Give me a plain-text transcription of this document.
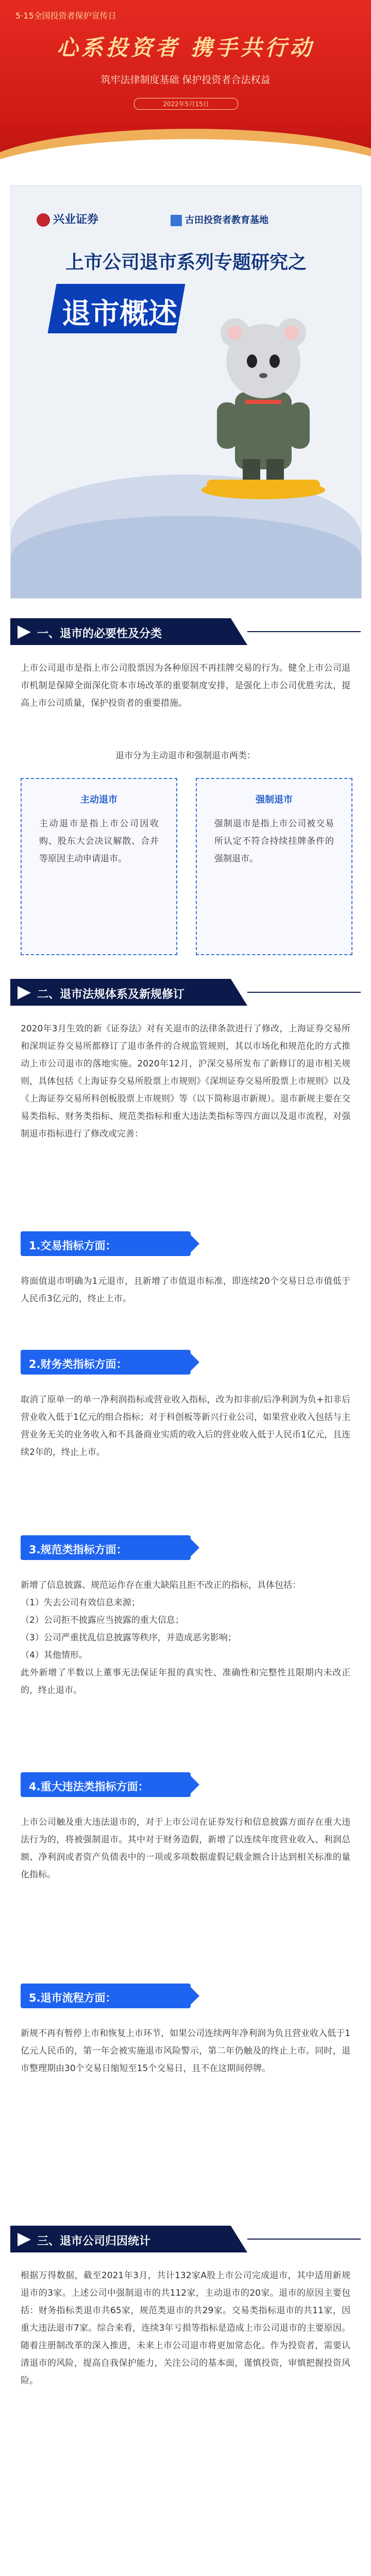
5·15全国投资者保护宣传日
心系投资者 携手共行动
筑牢法律制度基础 保护投资者合法权益
2022年5月15日
兴业证券	古田投资者教育基地
上市公司退市系列专题研究之
退市概述
一、退市的必要性及分类
上市公司退市是指上市公司股票因为各种原因不再挂牌交易的行为。健全上市公司退市机制是保障全面深化资本市场改革的重要制度安排，是强化上市公司优胜劣汰，提高上市公司质量，保护投资者的重要措施。
退市分为主动退市和强制退市两类：
主动退市
主动退市是指上市公司因收购、股东大会决议解散、合并等原因主动申请退市。
强制退市
强制退市是指上市公司被交易所认定不符合持续挂牌条件的强制退市。
二、退市法规体系及新规修订
2020年3月生效的新《证券法》对有关退市的法律条款进行了修改，上海证券交易所和深圳证券交易所都修订了退市条件的合规监管规则，其以市场化和规范化的方式推动上市公司退市的落地实施。2020年12月，沪深交易所发布了新修订的退市相关规则，具体包括《上海证券交易所股票上市规则》《深圳证券交易所股票上市规则》以及《上海证券交易所科创板股票上市规则》等（以下简称退市新规）。退市新规主要在交易类指标、财务类指标、规范类指标和重大违法类指标等四方面以及退市流程，对强制退市指标进行了修改或完善：
1.交易指标方面：
将面值退市明确为1元退市，且新增了市值退市标准，即连续20个交易日总市值低于人民币3亿元的，终止上市。
2.财务类指标方面：
取消了原单一的单一净利润指标或营业收入指标，改为扣非前/后净利润为负+扣非后营业收入低于1亿元的组合指标；对于科创板等新兴行业公司，如果营业收入包括与主营业务无关的业务收入和不具备商业实质的收入后的营业收入低于人民币1亿元，且连续2年的，终止上市。
3.规范类指标方面：
新增了信息披露、规范运作存在重大缺陷且拒不改正的指标，具体包括：
（1）失去公司有效信息来源；
（2）公司拒不披露应当披露的重大信息；
（3）公司严重扰乱信息披露等秩序，并造成恶劣影响；
（4）其他情形。
此外新增了半数以上董事无法保证年报的真实性、准确性和完整性且限期内未改正的，终止退市。
4.重大违法类指标方面：
上市公司触及重大违法退市的，对于上市公司在证券发行和信息披露方面存在重大违法行为的，将被强制退市。其中对于财务造假，新增了以连续年度营业收入、利润总额、净利润或者资产负债表中的一项或多项数据虚假记载金额合计达到相关标准的量化指标。
5.退市流程方面：
新规不再有暂停上市和恢复上市环节，如果公司连续两年净利润为负且营业收入低于1亿元人民币的，第一年会被实施退市风险警示，第二年仍触及的终止上市。同时，退市整理期由30个交易日缩短至15个交易日，且不在这期间停牌。
三、退市公司归因统计
根据万得数据，截至2021年3月，共计132家A股上市公司完成退市，其中适用新规退市的3家。上述公司中强制退市的共112家，主动退市的20家。退市的原因主要包括：财务指标类退市共65家，规范类退市的共29家。交易类指标退市的共11家，因重大违法退市7家。综合来看，连续3年亏损等指标是造成上市公司退市的主要原因。随着注册制改革的深入推进，未来上市公司退市将更加常态化。作为投资者，需要认清退市的风险，提高自我保护能力，关注公司的基本面，谨慎投资，审慎把握投资风险。
